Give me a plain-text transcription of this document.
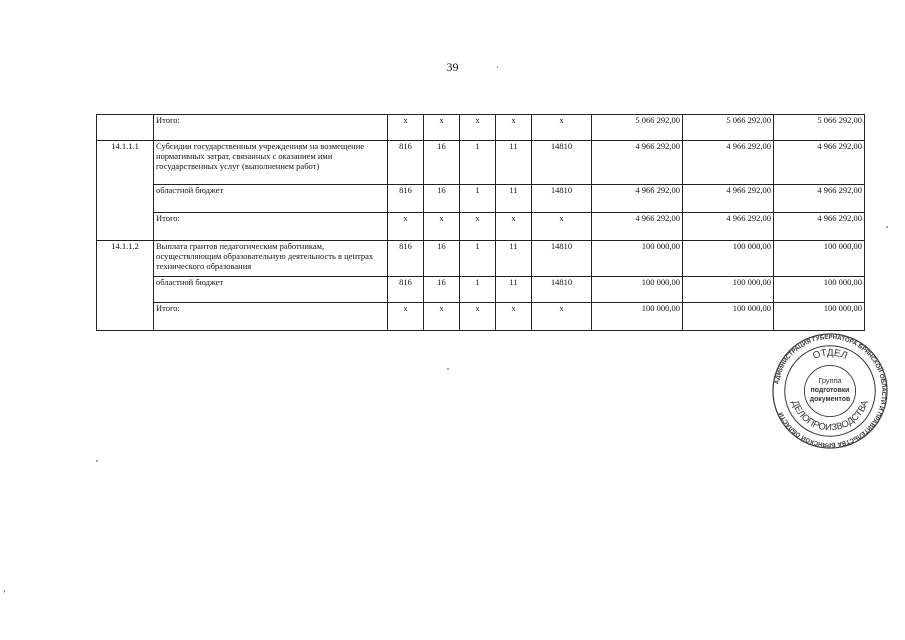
39
	Итого:	x	x	x	x	x	5 066 292,00	5 066 292,00	5 066 292,00
14.1.1.1	Субсидии государственным учреждениям на возмещение нормативных затрат, связанных с оказанием ими государственных услуг (выполнением работ)	816	16	1	11	14810	4 966 292,00	4 966 292,00	4 966 292,00
	областной бюджет	816	16	1	11	14810	4 966 292,00	4 966 292,00	4 966 292,00
	Итого:	x	x	x	x	x	4 966 292,00	4 966 292,00	4 966 292,00
14.1.1.2	Выплата грантов педагогическим работникам, осуществляющим образовательную деятельность в центрах технического образования	816	16	1	11	14810	100 000,00	100 000,00	100 000,00
	областной бюджет	816	16	1	11	14810	100 000,00	100 000,00	100 000,00
	Итого:	x	x	x	x	x	100 000,00	100 000,00	100 000,00
АДМИНИСТРАЦИЯ ГУБЕРНАТОРА БРЯНСКОЙ ОБЛАСТИ И ПРАВИТЕЛЬСТВА БРЯНСКОЙ ОБЛАСТИ
ОТДЕЛ
ДЕЛОПРОИЗВОДСТВА
Группа
подготовки
документов
